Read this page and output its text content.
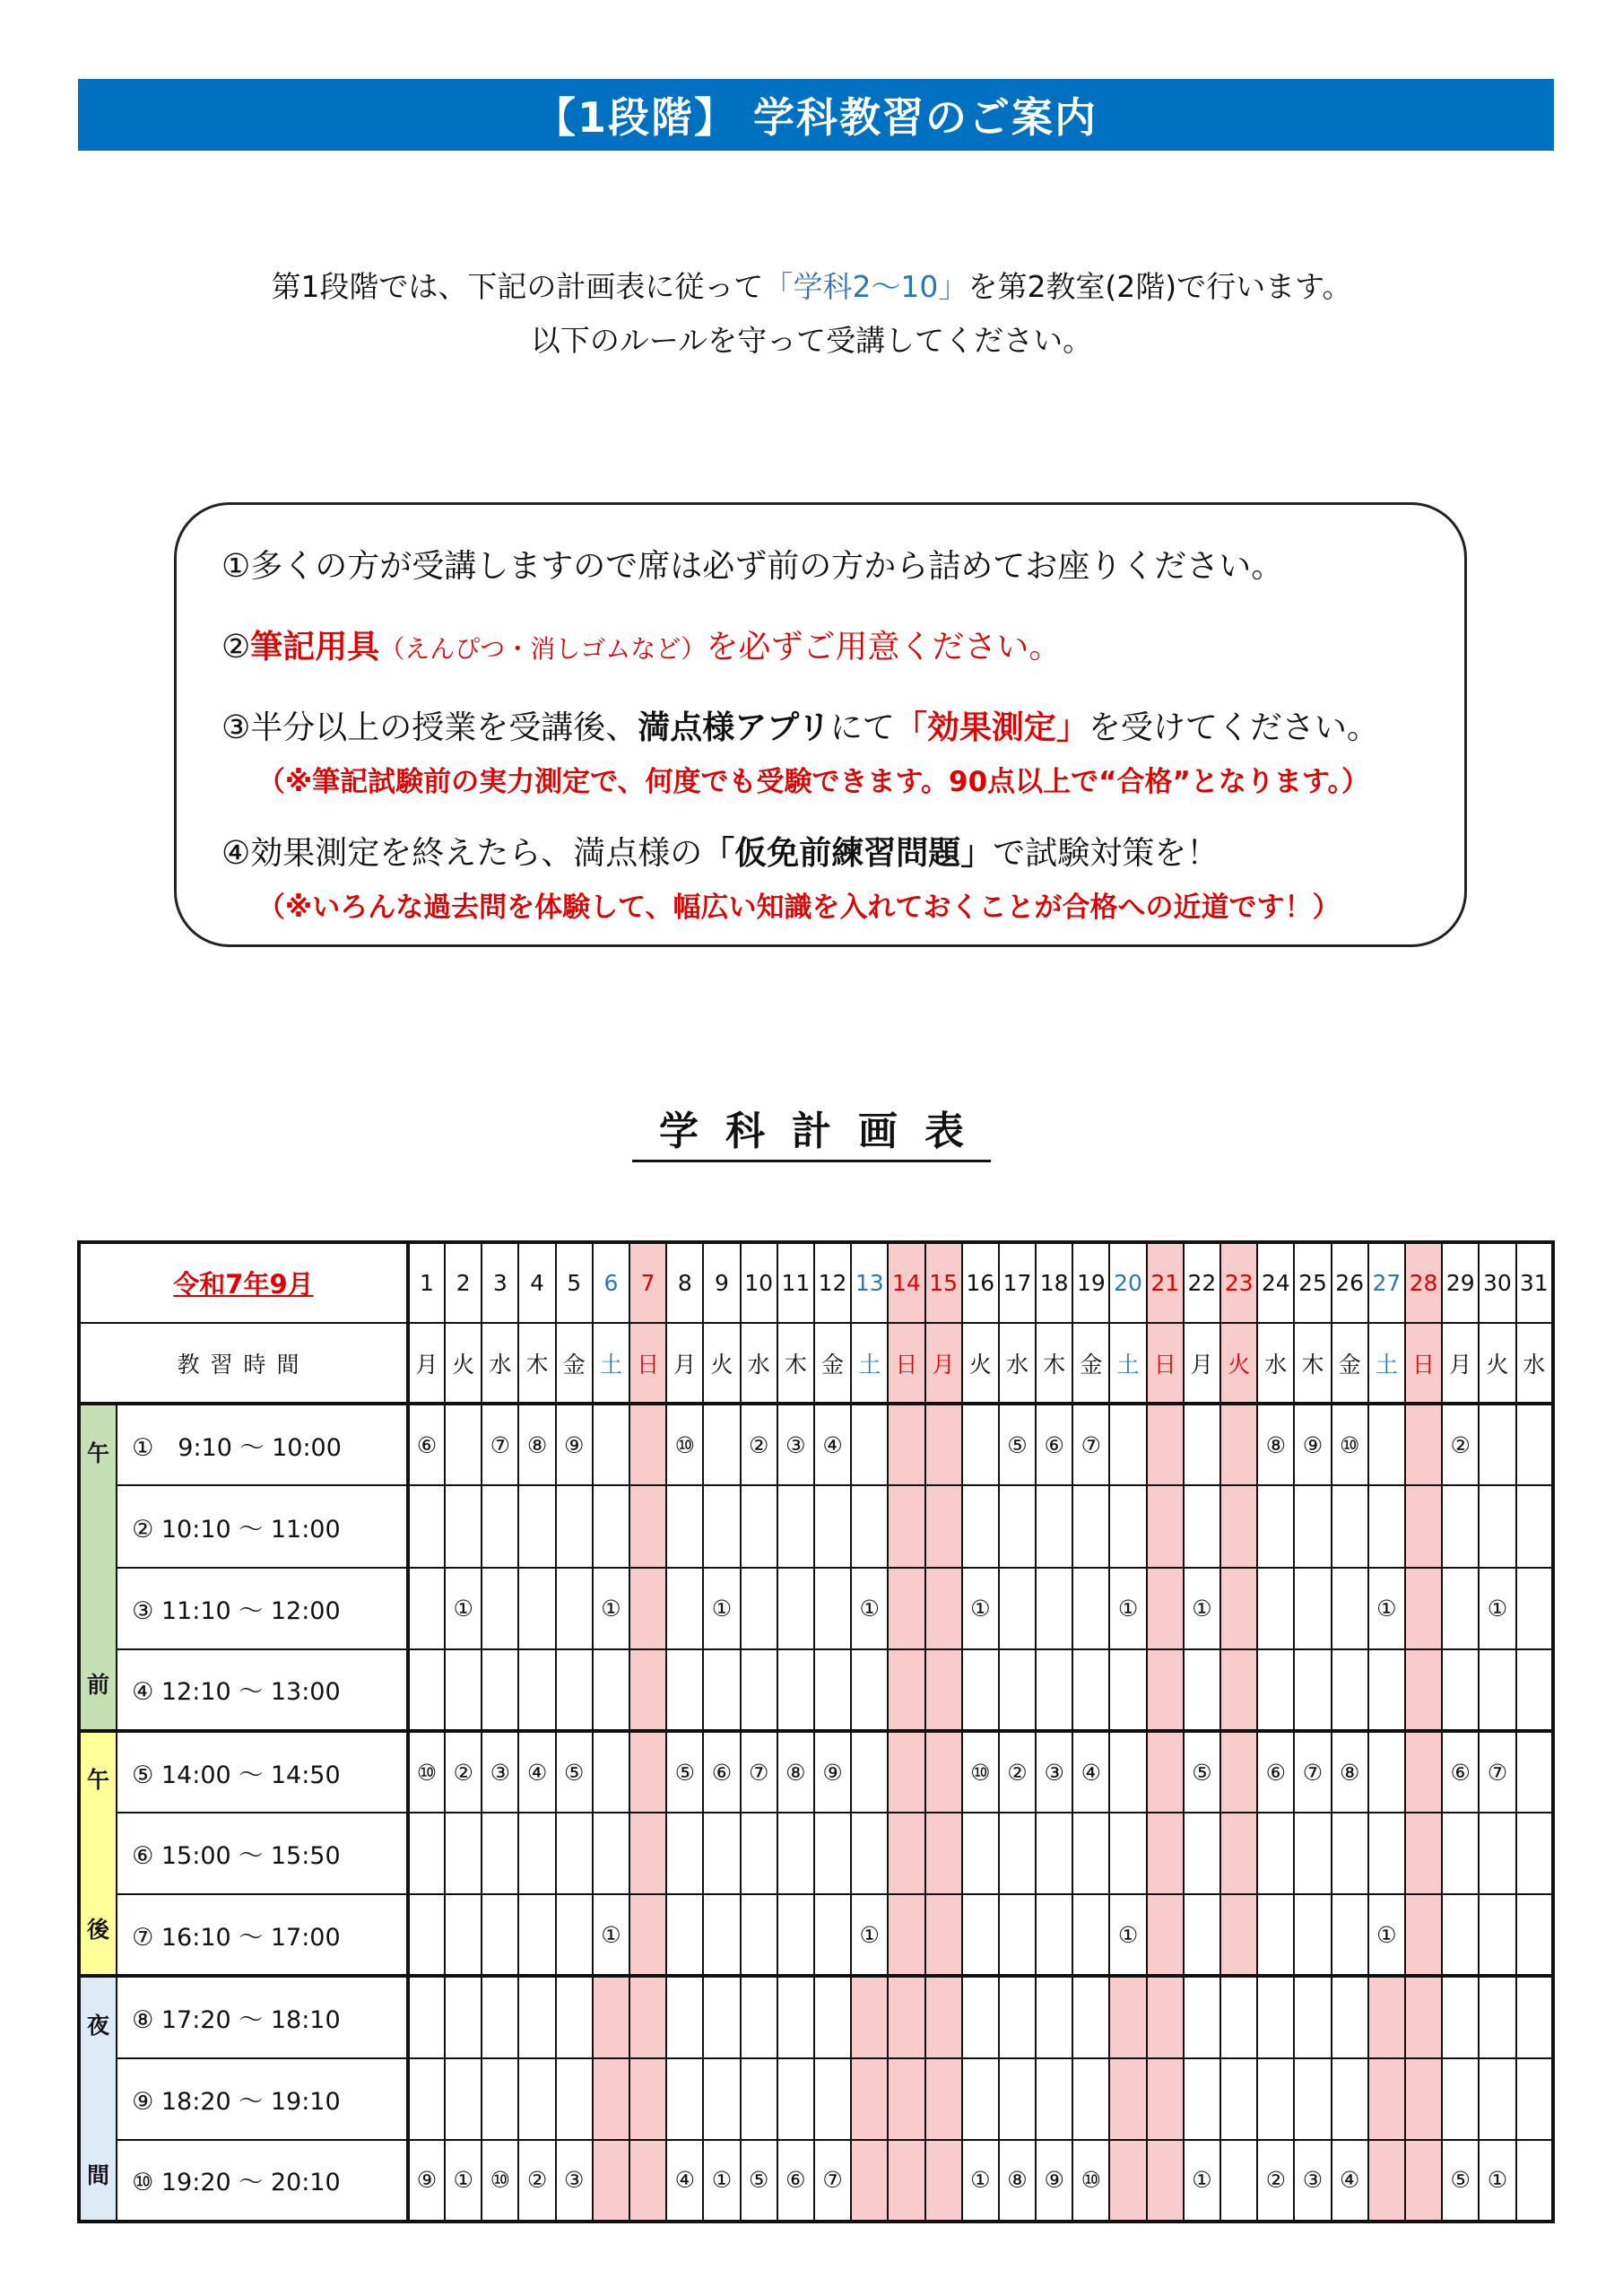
【1段階】 学科教習のご案内
第1段階では、下記の計画表に従って「学科2〜10」を第2教室(2階)で行います。
以下のルールを守って受講してください。
①多くの方が受講しますので席は必ず前の方から詰めてお座りください。
②筆記用具（えんぴつ・消しゴムなど）を必ずご用意ください。
③半分以上の授業を受講後、満点様アプリにて「効果測定」を受けてください。
（※筆記試験前の実力測定で、何度でも受験できます。90点以上で“合格”となります。）
④効果測定を終えたら、満点様の「仮免前練習問題」で試験対策を！
（※いろんな過去問を体験して、幅広い知識を入れておくことが合格への近道です！）
学科計画表
令和7年9月		1	2	3	4	5	6	7	8	9	10	11	12	13	14	15	16	17	18	19	20	21	22	23	24	25	26	27	28	29	30	31
教習時間		月	火	水	木	金	土	日	月	火	水	木	金	土	日	月	火	水	木	金	土	日	月	火	水	木	金	土	日	月	火	水

午
前	①　9:10 〜 10:00	⑥		⑦	⑧	⑨			⑩		②	③	④					⑤	⑥	⑦					⑧	⑨	⑩			②		
	② 10:10 〜 11:00																															
	③ 11:10 〜 12:00		①				①			①				①			①				①		①					①			①	
	④ 12:10 〜 13:00																															

午
後	⑤ 14:00 〜 14:50	⑩	②	③	④	⑤			⑤	⑥	⑦	⑧	⑨				⑩	②	③	④			⑤		⑥	⑦	⑧			⑥	⑦	
	⑥ 15:00 〜 15:50																															
	⑦ 16:10 〜 17:00						①							①							①							①				

夜
間	⑧ 17:20 〜 18:10																															
	⑨ 18:20 〜 19:10																															
	⑩ 19:20 〜 20:10	⑨	①	⑩	②	③			④	①	⑤	⑥	⑦				①	⑧	⑨	⑩			①		②	③	④			⑤	①	
